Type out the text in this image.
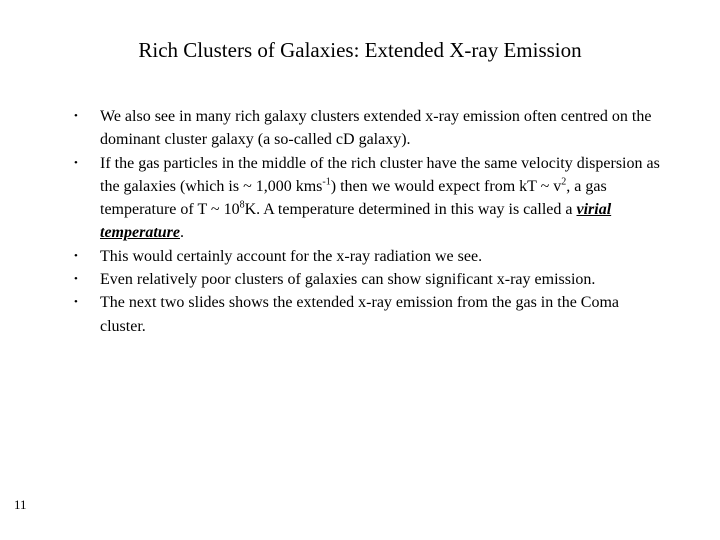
Rich Clusters of Galaxies: Extended X-ray Emission
• We also see in many rich galaxy clusters extended x-ray emission often centred on the dominant cluster galaxy (a so-called cD galaxy).
• If the gas particles in the middle of the rich cluster have the same velocity dispersion as the galaxies (which is ~ 1,000 kms$^{-1}$) then we would expect from kT ~ $v^2$, a gas temperature of T ~ $10^8K$. A temperature determined in this way is called a virial temperature.
• This would certainly account for the x-ray radiation we see.
• Even relatively poor clusters of galaxies can show significant x-ray emission.
• The next two slides shows the extended x-ray emission from the gas in the Coma cluster.
11
